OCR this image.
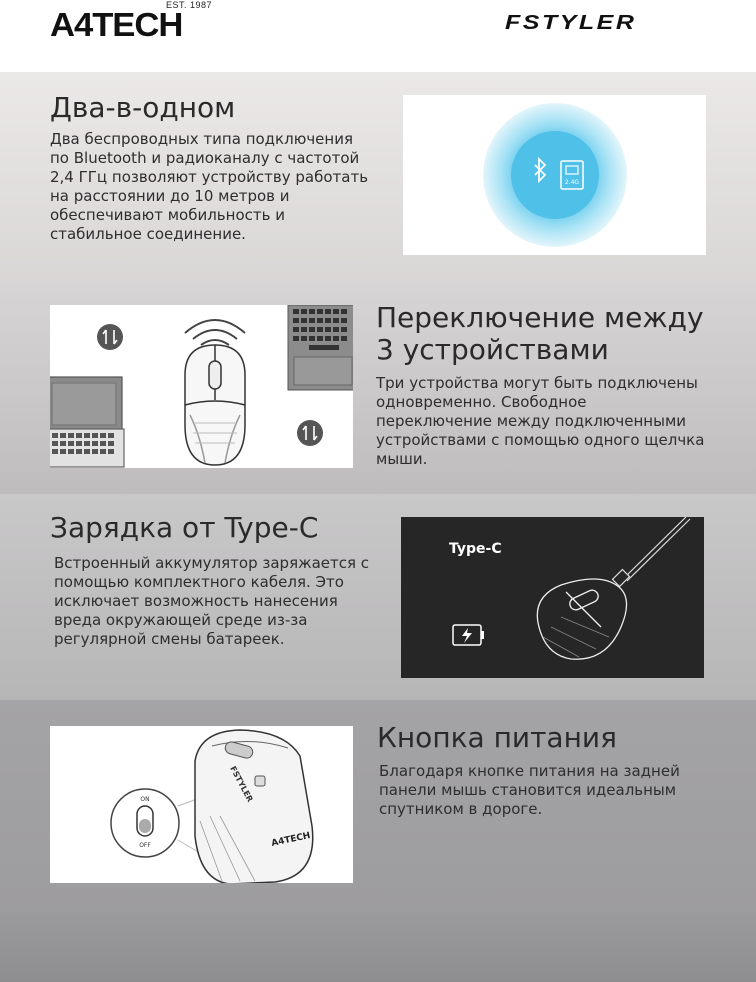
A4TECH
EST. 1987
FSTYLER
Два-в-одном
Два беспроводных типа подключения по Bluetooth и радиоканалу с частотой 2,4 ГГц позволяют устройству работать на расстоянии до 10 метров и обеспечивают мобильность и стабильное соединение.
2.4G
Переключение между 3 устройствами
Три устройства могут быть подключены одновременно. Свободное переключение между подключенными устройствами с помощью одного щелчка мыши.
Зарядка от Type-C
Встроенный аккумулятор заряжается с помощью комплектного кабеля. Это исключает возможность нанесения вреда окружающей среде из-за регулярной смены батареек.
Type-C
ON
OFF
FSTYLER
A4TECH
Кнопка питания
Благодаря кнопке питания на задней панели мышь становится идеальным спутником в дороге.
